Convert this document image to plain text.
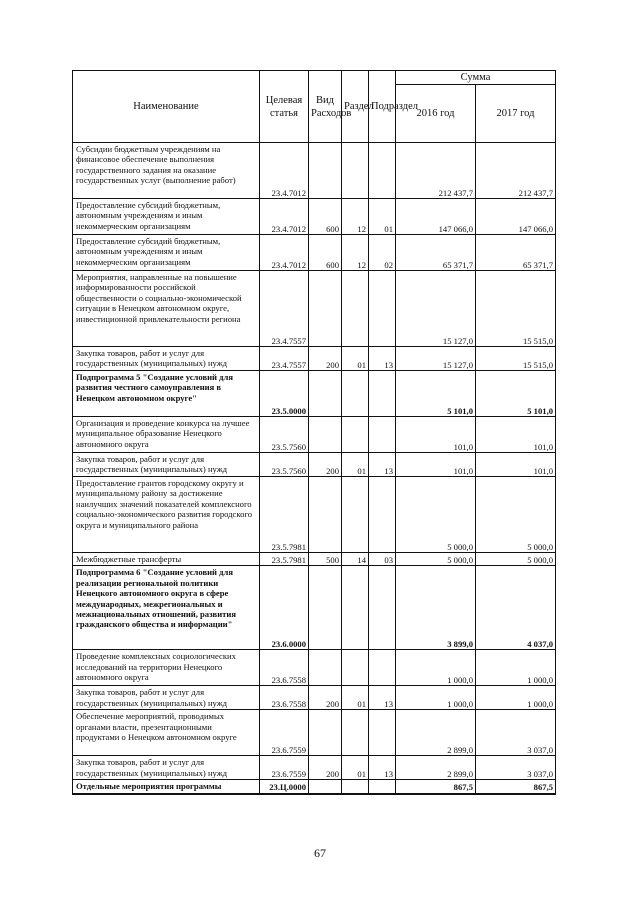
Наименование	Целевая статья	Вид Расходов	Раздел	Подраздел	Сумма	
					2016 год	2017 год
Субсидии бюджетным учреждениям на финансовое обеспечение выполнения государственного задания на оказание государственных услуг (выполнение работ)	23.4.7012				212 437,7	212 437,7
Предоставление субсидий бюджетным, автономным учреждениям и иным некоммерческим организациям	23.4.7012	600	12	01	147 066,0	147 066,0
Предоставление субсидий бюджетным, автономным учреждениям и иным некоммерческим организациям	23.4.7012	600	12	02	65 371,7	65 371,7
Мероприятия, направленные на повышение информированности российской общественности о социально-экономической ситуации в Ненецком автономном округе, инвестиционной привлекательности региона	23.4.7557				15 127,0	15 515,0
Закупка товаров, работ и услуг для государственных (муниципальных) нужд	23.4.7557	200	01	13	15 127,0	15 515,0
Подпрограмма 5 "Создание условий для развития честного самоуправления в Ненецком автономном округе"	23.5.0000				5 101,0	5 101,0
Организация и проведение конкурса на лучшее муниципальное образование Ненецкого автономного округа	23.5.7560				101,0	101,0
Закупка товаров, работ и услуг для государственных (муниципальных) нужд	23.5.7560	200	01	13	101,0	101,0
Предоставление грантов городскому округу и муниципальному району за достижение наилучших значений показателей комплексного социально-экономического развития городского округа и муниципального района	23.5.7981				5 000,0	5 000,0
Межбюджетные трансферты	23.5.7981	500	14	03	5 000,0	5 000,0
Подпрограмма 6 "Создание условий для реализации региональной политики Ненецкого автономного округа в сфере международных, межрегиональных и межнациональных отношений, развития гражданского общества и информации"	23.6.0000				3 899,0	4 037,0
Проведение комплексных социологических исследований на территории Ненецкого автономного округа	23.6.7558				1 000,0	1 000,0
Закупка товаров, работ и услуг для государственных (муниципальных) нужд	23.6.7558	200	01	13	1 000,0	1 000,0
Обеспечение мероприятий, проводимых органами власти, презентационными продуктами о Ненецком автономном округе	23.6.7559				2 899,0	3 037,0
Закупка товаров, работ и услуг для государственных (муниципальных) нужд	23.6.7559	200	01	13	2 899,0	3 037,0
Отдельные мероприятия программы	23.Ц.0000				867,5	867,5
67
